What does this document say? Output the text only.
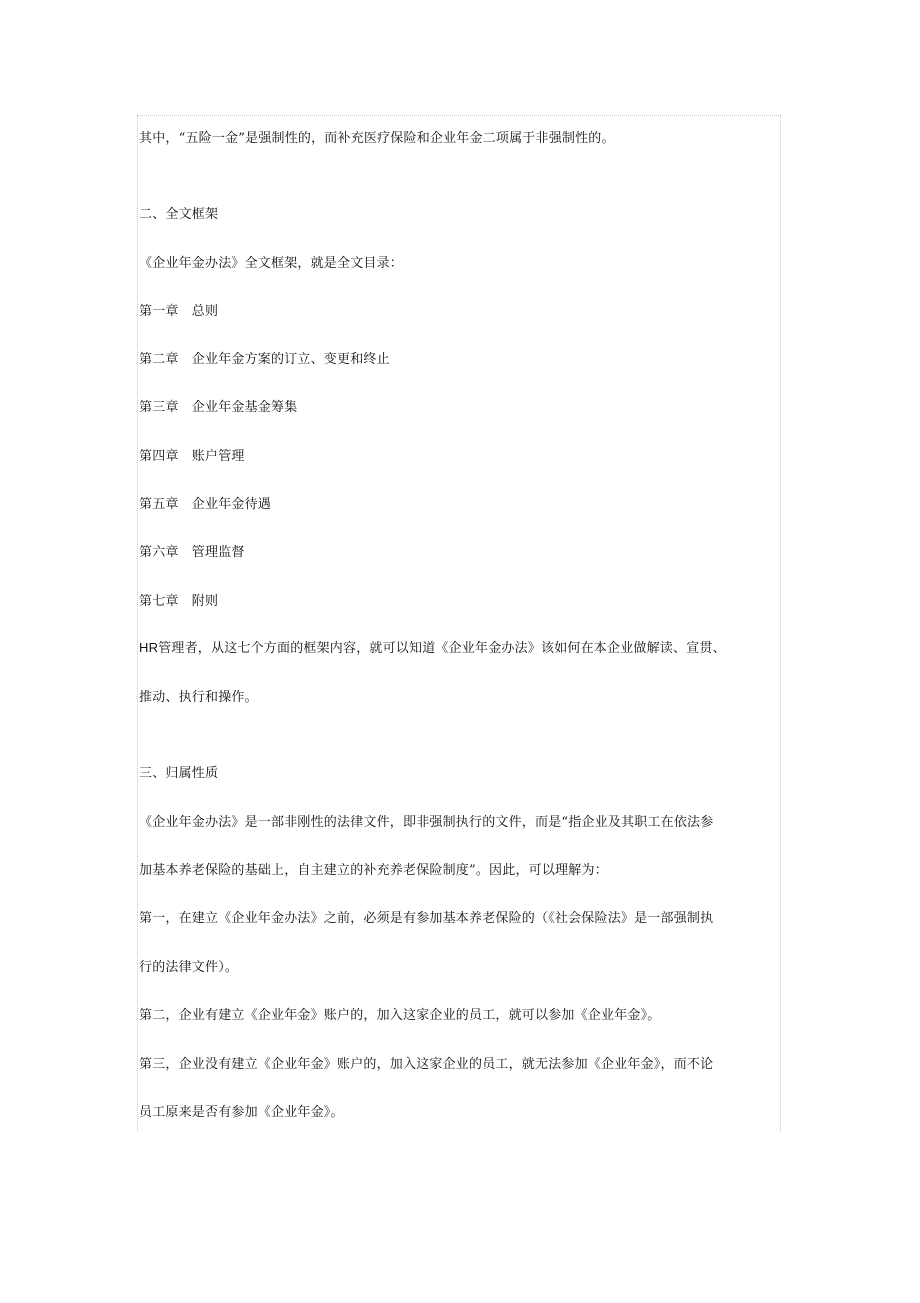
其中，“五险一金”是强制性的，而补充医疗保险和企业年金二项属于非强制性的。
二、全文框架
《企业年金办法》全文框架，就是全文目录：
第一章　总则
第二章　企业年金方案的订立、变更和终止
第三章　企业年金基金筹集
第四章　账户管理
第五章　企业年金待遇
第六章　管理监督
第七章　附则
HR管理者，从这七个方面的框架内容，就可以知道《企业年金办法》该如何在本企业做解读、宣贯、
推动、执行和操作。
三、归属性质
《企业年金办法》是一部非刚性的法律文件，即非强制执行的文件，而是“指企业及其职工在依法参
加基本养老保险的基础上，自主建立的补充养老保险制度”。因此，可以理解为：
第一，在建立《企业年金办法》之前，必须是有参加基本养老保险的（《社会保险法》是一部强制执
行的法律文件）。
第二，企业有建立《企业年金》账户的，加入这家企业的员工，就可以参加《企业年金》。
第三，企业没有建立《企业年金》账户的，加入这家企业的员工，就无法参加《企业年金》，而不论
员工原来是否有参加《企业年金》。
